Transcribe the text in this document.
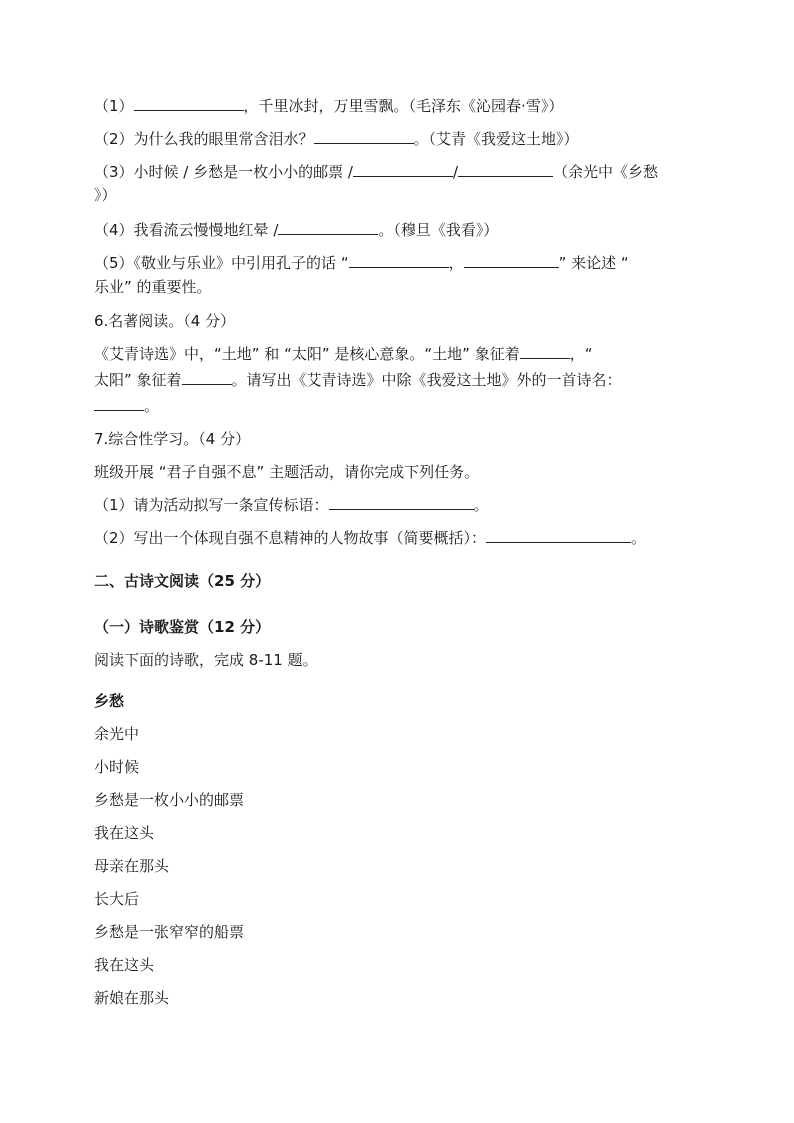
（1）	，千里冰封，万里雪飘。（毛泽东《沁园春·雪》）
（2）为什么我的眼里常含泪水？	。（艾青《我爱这土地》）
（3）小时候 / 乡愁是一枚小小的邮票 /	/	（余光中《乡愁
》）
（4）我看流云慢慢地红晕 /	。（穆旦《我看》）
（5）《敬业与乐业》中引用孔子的话 “	，	” 来论述 “
乐业” 的重要性。
6.名著阅读。（4 分）
《艾青诗选》中，“土地” 和 “太阳” 是核心意象。“土地” 象征着	，“
太阳” 象征着	。请写出《艾青诗选》中除《我爱这土地》外的一首诗名：
。
7.综合性学习。（4 分）
班级开展 “君子自强不息” 主题活动，请你完成下列任务。
（1）请为活动拟写一条宣传标语：	。
（2）写出一个体现自强不息精神的人物故事（简要概括）：	。
二、古诗文阅读（25 分）
（一）诗歌鉴赏（12 分）
阅读下面的诗歌，完成 8-11 题。
乡愁
余光中
小时候
乡愁是一枚小小的邮票
我在这头
母亲在那头
长大后
乡愁是一张窄窄的船票
我在这头
新娘在那头
